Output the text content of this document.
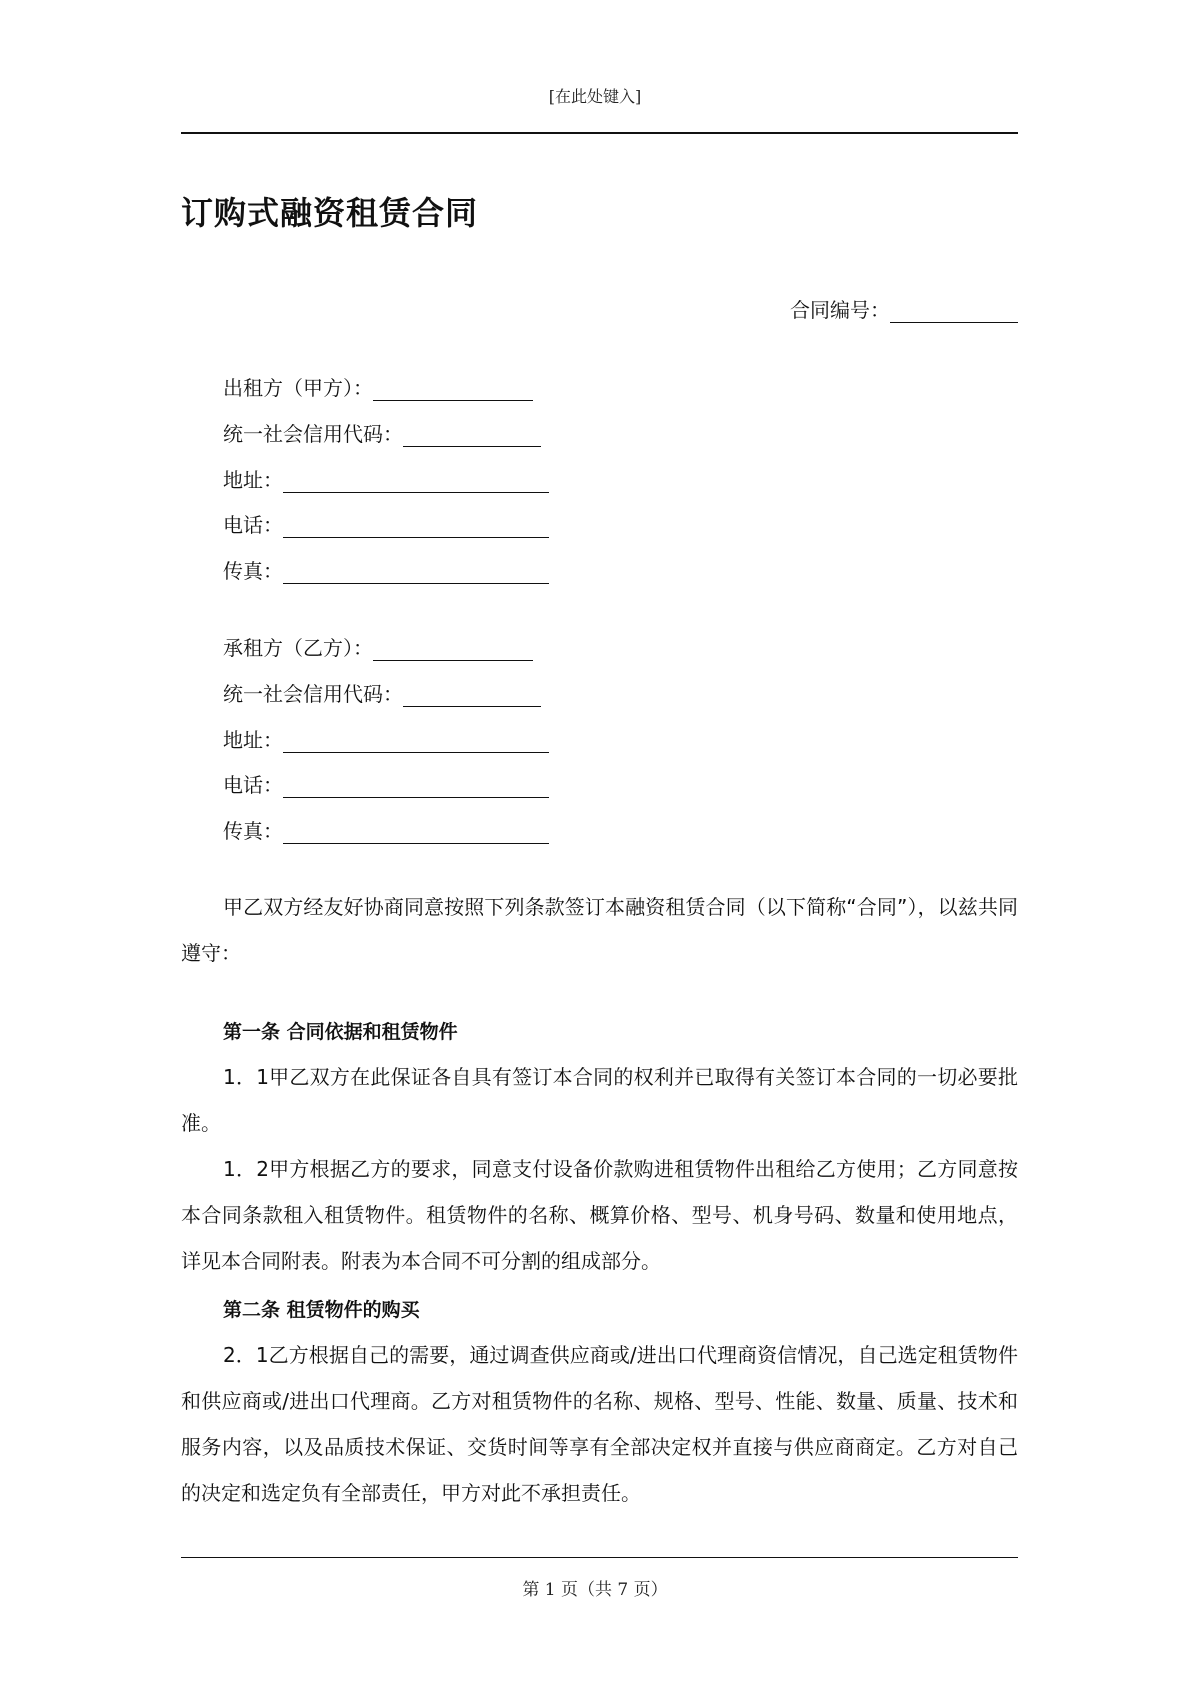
[在此处键入]
订购式融资租赁合同
合同编号：
出租方（甲方）：
统一社会信用代码：
地址：
电话：
传真：
承租方（乙方）：
统一社会信用代码：
地址：
电话：
传真：
甲乙双方经友好协商同意按照下列条款签订本融资租赁合同（以下简称“合同”），以兹共同遵守：
第一条 合同依据和租赁物件
1．1甲乙双方在此保证各自具有签订本合同的权利并已取得有关签订本合同的一切必要批准。
1．2甲方根据乙方的要求，同意支付设备价款购进租赁物件出租给乙方使用；乙方同意按本合同条款租入租赁物件。租赁物件的名称、概算价格、型号、机身号码、数量和使用地点，详见本合同附表。附表为本合同不可分割的组成部分。
第二条 租赁物件的购买
2．1乙方根据自己的需要，通过调查供应商或/进出口代理商资信情况，自己选定租赁物件和供应商或/进出口代理商。乙方对租赁物件的名称、规格、型号、性能、数量、质量、技术和服务内容，以及品质技术保证、交货时间等享有全部决定权并直接与供应商商定。乙方对自己的决定和选定负有全部责任，甲方对此不承担责任。
第 1 页（共 7 页）
